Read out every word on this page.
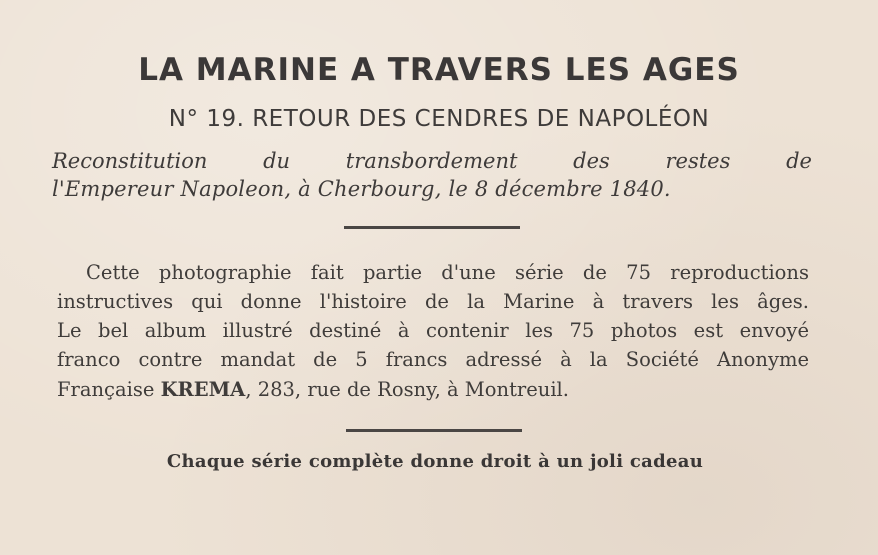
LA MARINE A TRAVERS LES AGES
N° 19. RETOUR DES CENDRES DE NAPOLÉON
Reconstitution du transbordement des restes de
l'Empereur Napoleon, à Cherbourg, le 8 décembre 1840.
Cette photographie fait partie d'une série de 75 reproductions
instructives qui donne l'histoire de la Marine à travers les âges.
Le bel album illustré destiné à contenir les 75 photos est envoyé
franco contre mandat de 5 francs adressé à la Société Anonyme
Française KREMA, 283, rue de Rosny, à Montreuil.
Chaque série complète donne droit à un joli cadeau
